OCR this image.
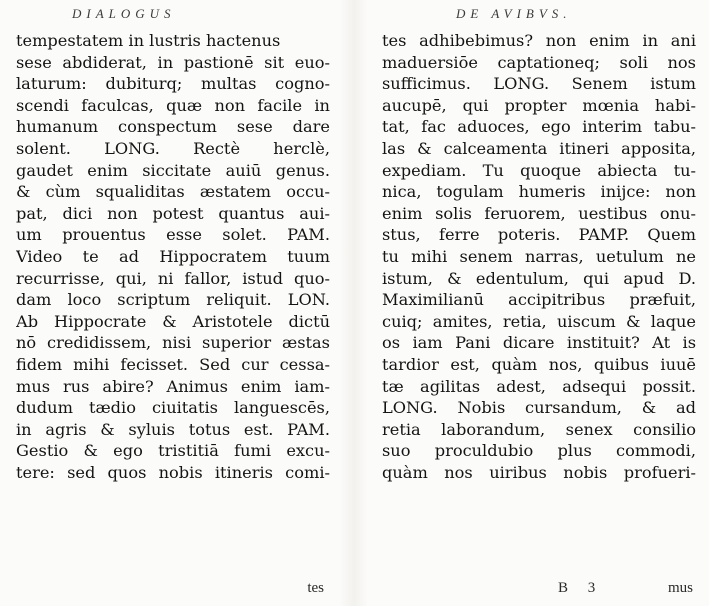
DIALOGUS
tempestatem in lustris hactenus
sese abdiderat, in pastionē sit euo-
laturum: dubiturq; multas cogno-
scendi faculcas, quæ non facile in
humanum conspectum sese dare
solent. LONG. Rectè herclè,
gaudet enim siccitate auiū genus.
& cùm squaliditas æstatem occu-
pat, dici non potest quantus aui-
um prouentus esse solet. PAM.
Video te ad Hippocratem tuum
recurrisse, qui, ni fallor, istud quo-
dam loco scriptum reliquit. LON.
Ab Hippocrate & Aristotele dictū
nō credidissem, nisi superior æstas
fidem mihi fecisset. Sed cur cessa-
mus rus abire? Animus enim iam-
dudum tædio ciuitatis languescēs,
in agris & syluis totus est. PAM.
Gestio & ego tristitiā fumi excu-
tere: sed quos nobis itineris comi-
tes
DE AVIBVS.
tes adhibebimus? non enim in ani
maduersiōe captationeq; soli nos
sufficimus. LONG. Senem istum
aucupē, qui propter mœnia habi-
tat, fac aduoces, ego interim tabu-
las & calceamenta itineri apposita,
expediam. Tu quoque abiecta tu-
nica, togulam humeris inijce: non
enim solis feruorem, uestibus onu-
stus, ferre poteris. PAMP. Quem
tu mihi senem narras, uetulum ne
istum, & edentulum, qui apud D.
Maximilianū accipitribus præfuit,
cuiq; amites, retia, uiscum & laque
os iam Pani dicare instituit? At is
tardior est, quàm nos, quibus iuuē
tæ agilitas adest, adsequi possit.
LONG. Nobis cursandum, & ad
retia laborandum, senex consilio
suo proculdubio plus commodi,
quàm nos uiribus nobis profueri-
B 3	mus
